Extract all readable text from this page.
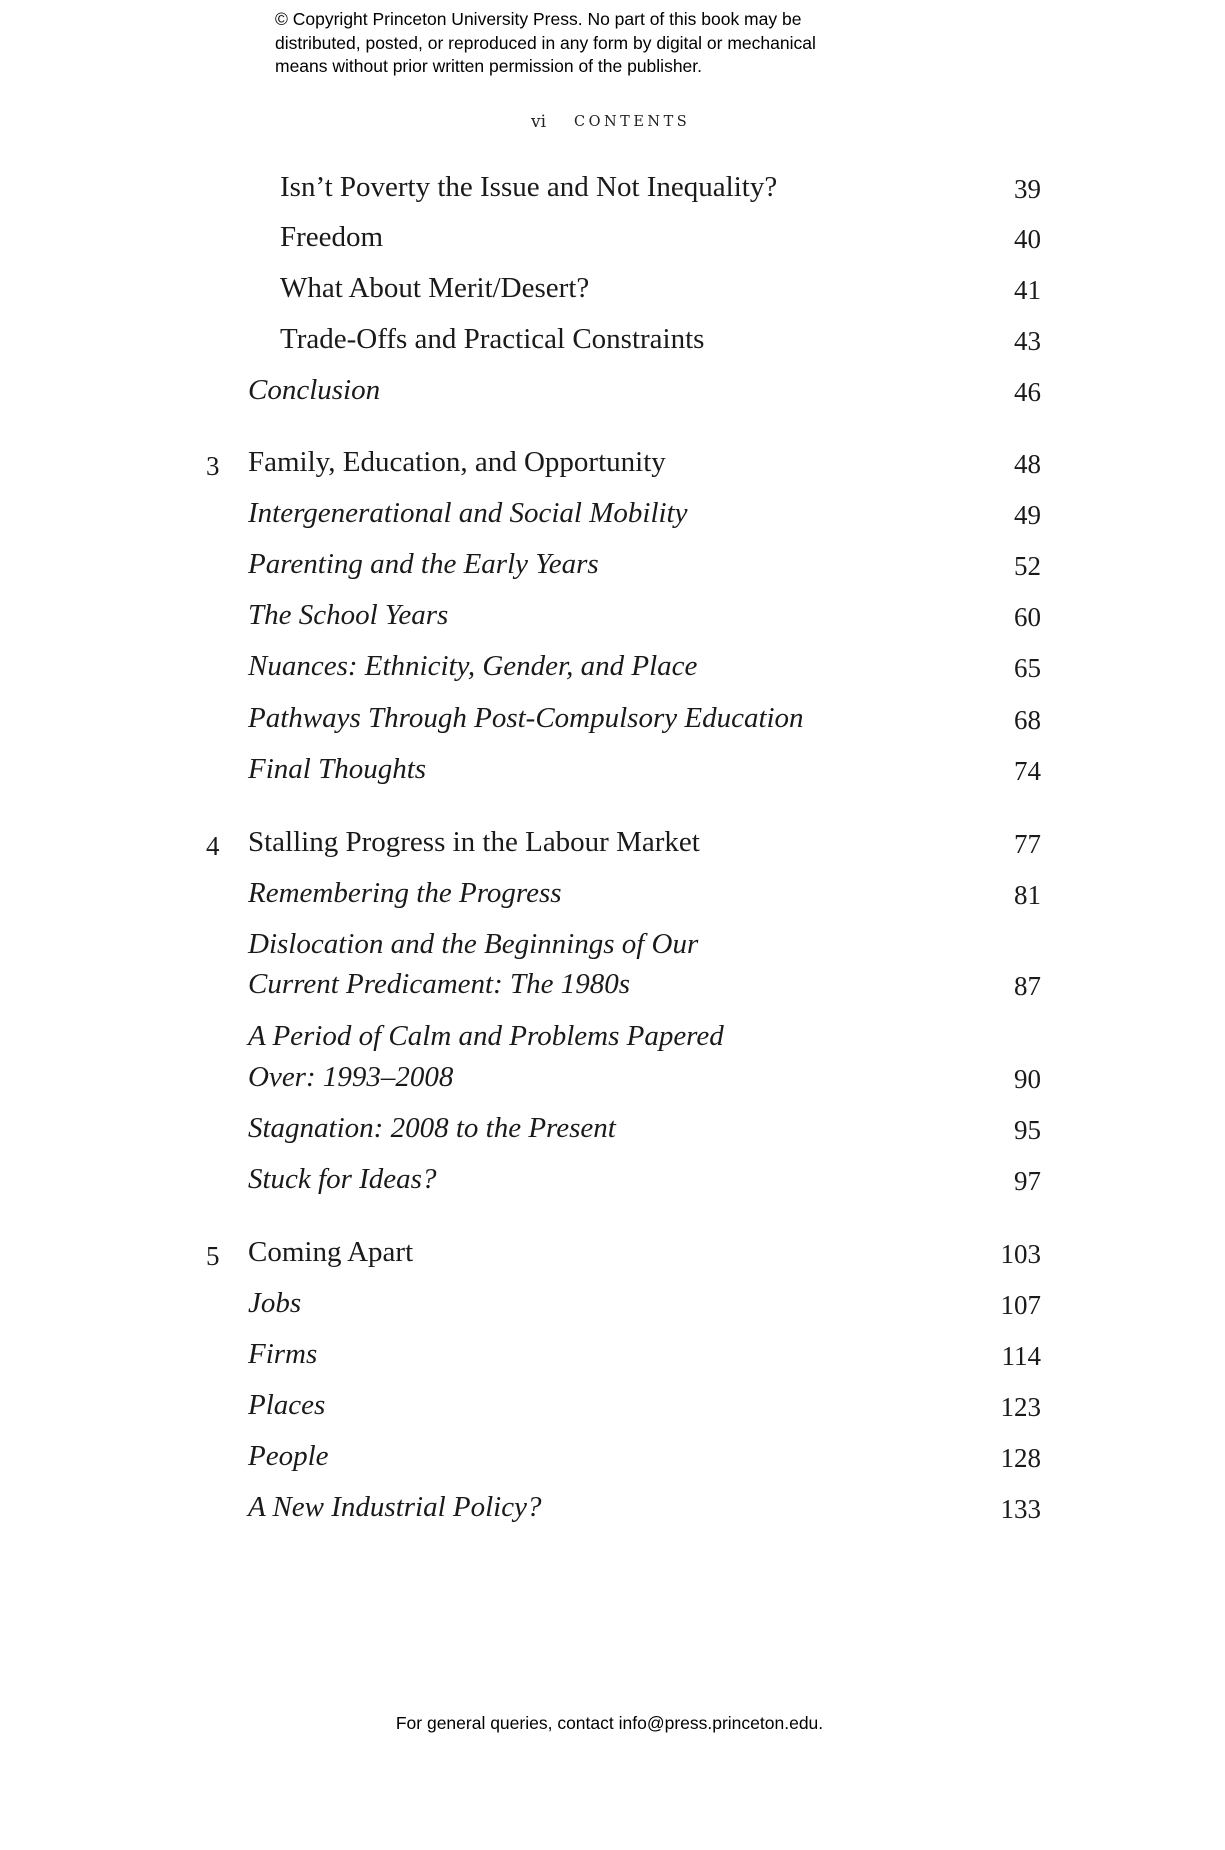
© Copyright Princeton University Press. No part of this book may be
distributed, posted, or reproduced in any form by digital or mechanical
means without prior written permission of the publisher.
vi CONTENTS
Isn’t Poverty the Issue and Not Inequality?	39
Freedom	40
What About Merit/Desert?	41
Trade-Offs and Practical Constraints	43
Conclusion	46
3 Family, Education, and Opportunity	48
Intergenerational and Social Mobility	49
Parenting and the Early Years	52
The School Years	60
Nuances: Ethnicity, Gender, and Place	65
Pathways Through Post-Compulsory Education	68
Final Thoughts	74
4 Stalling Progress in the Labour Market	77
Remembering the Progress	81
Dislocation and the Beginnings of Our
Current Predicament: The 1980s	87
A Period of Calm and Problems Papered
Over: 1993–2008	90
Stagnation: 2008 to the Present	95
Stuck for Ideas?	97
5 Coming Apart	103
Jobs	107
Firms	114
Places	123
People	128
A New Industrial Policy?	133
For general queries, contact info@press.princeton.edu.
